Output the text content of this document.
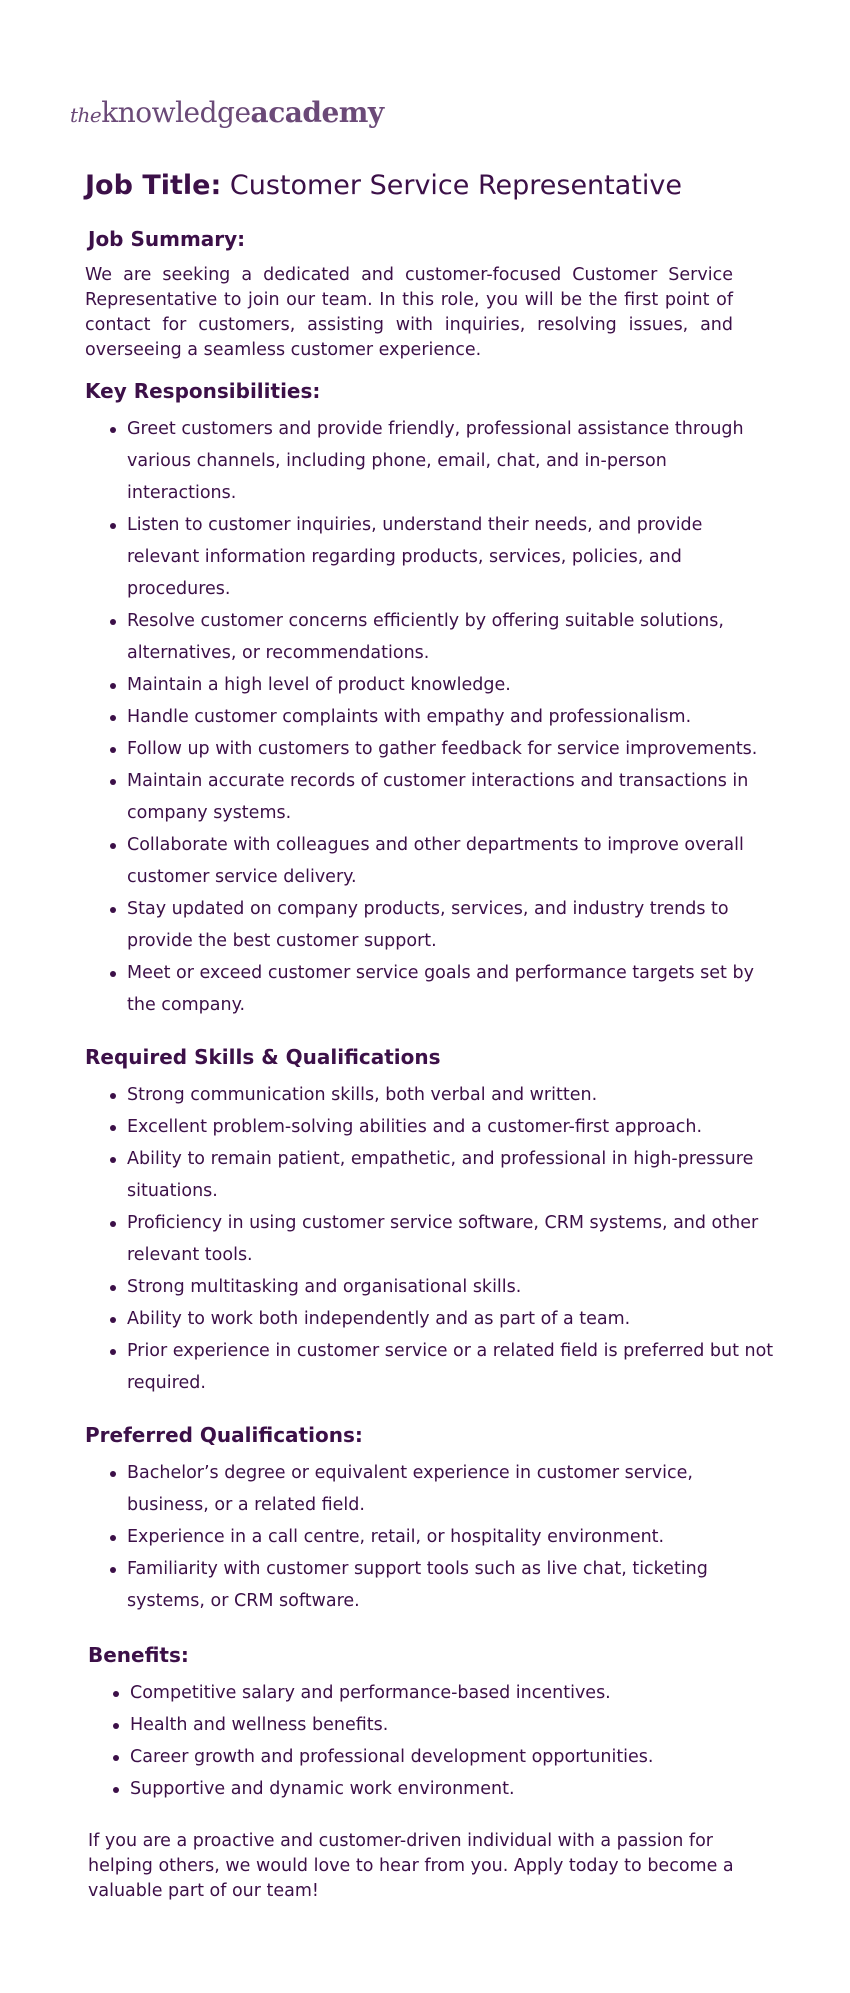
theknowledgeacademy
Job Title: Customer Service Representative
Job Summary:

We are seeking a dedicated and customer-focused Customer Service Representative to join our team. In this role, you will be the first point of contact for customers, assisting with inquiries, resolving issues, and overseeing a seamless customer experience.

Key Responsibilities:
Greet customers and provide friendly, professional assistance through various channels, including phone, email, chat, and in-person interactions.
Listen to customer inquiries, understand their needs, and provide relevant information regarding products, services, policies, and procedures.
Resolve customer concerns efficiently by offering suitable solutions, alternatives, or recommendations.
Maintain a high level of product knowledge.
Handle customer complaints with empathy and professionalism.
Follow up with customers to gather feedback for service improvements.
Maintain accurate records of customer interactions and transactions in company systems.
Collaborate with colleagues and other departments to improve overall customer service delivery.
Stay updated on company products, services, and industry trends to provide the best customer support.
Meet or exceed customer service goals and performance targets set by the company.
Required Skills & Qualifications
Strong communication skills, both verbal and written.
Excellent problem-solving abilities and a customer-first approach.
Ability to remain patient, empathetic, and professional in high-pressure situations.
Proficiency in using customer service software, CRM systems, and other relevant tools.
Strong multitasking and organisational skills.
Ability to work both independently and as part of a team.
Prior experience in customer service or a related field is preferred but not required.
Preferred Qualifications:
Bachelor’s degree or equivalent experience in customer service, business, or a related field.
Experience in a call centre, retail, or hospitality environment.
Familiarity with customer support tools such as live chat, ticketing systems, or CRM software.
Benefits:
Competitive salary and performance-based incentives.
Health and wellness benefits.
Career growth and professional development opportunities.
Supportive and dynamic work environment.

If you are a proactive and customer-driven individual with a passion for helping others, we would love to hear from you. Apply today to become a valuable part of our team!
